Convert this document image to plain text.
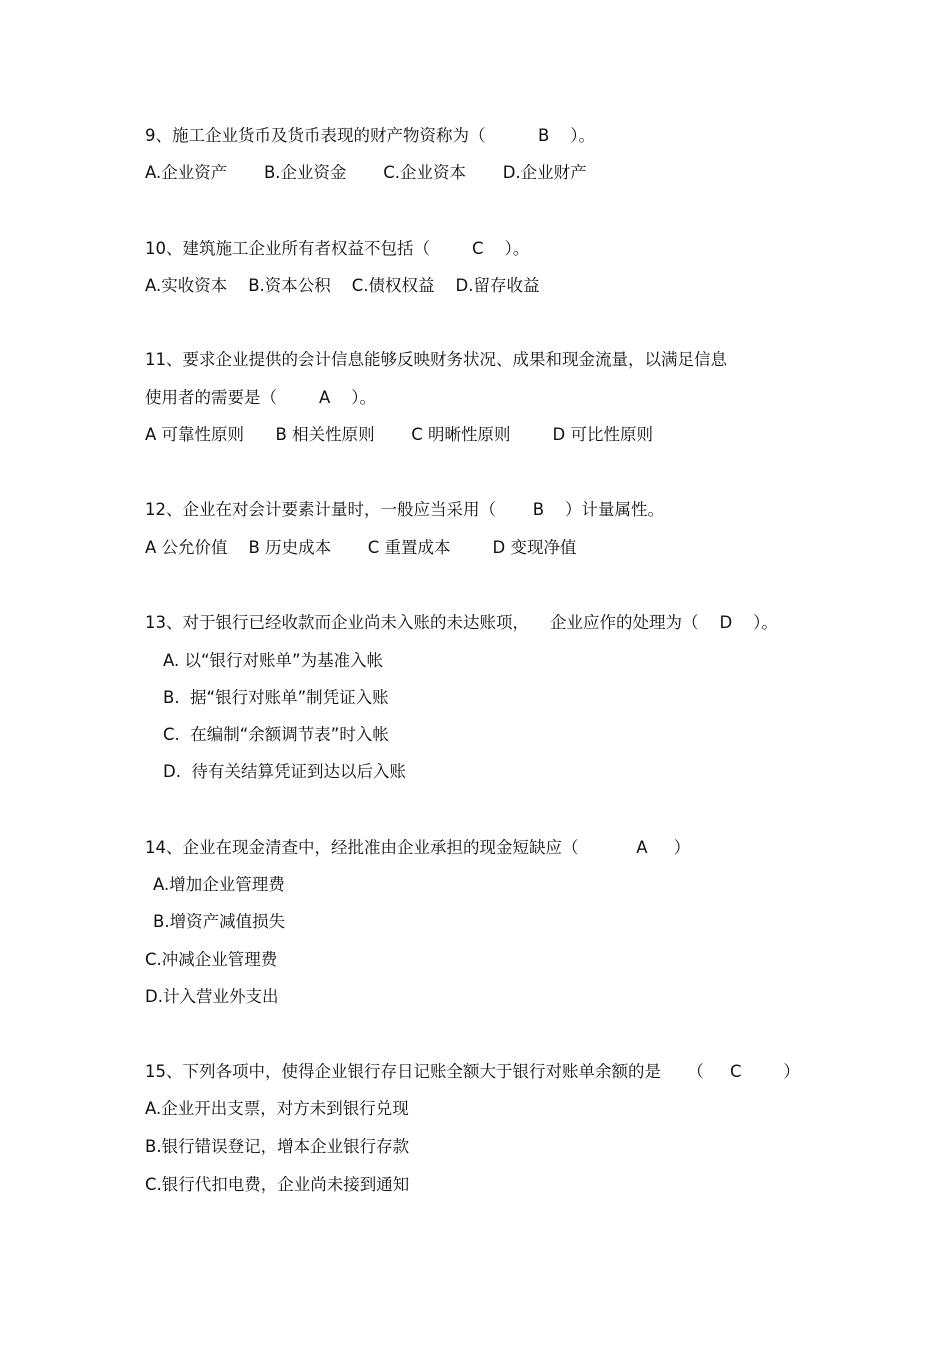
9、施工企业货币及货币表现的财产物资称为（          B    ）。
A.企业资产       B.企业资金       C.企业资本       D.企业财产
10、建筑施工企业所有者权益不包括（        C    ）。
A.实收资本    B.资本公积    C.债权权益    D.留存收益
11、要求企业提供的会计信息能够反映财务状况、成果和现金流量，以满足信息
使用者的需要是（        A    ）。
A 可靠性原则      B 相关性原则       C 明晰性原则        D 可比性原则
12、企业在对会计要素计量时，一般应当采用（       B    ）计量属性。
A 公允价值    B 历史成本       C 重置成本        D 变现净值
13、对于银行已经收款而企业尚未入账的未达账项，    企业应作的处理为（    D    ）。
A. 以“银行对账单”为基准入帐
B.  据“银行对账单”制凭证入账
C.  在编制“余额调节表”时入帐
D.  待有关结算凭证到达以后入账
14、企业在现金清查中，经批准由企业承担的现金短缺应（           A     ）
A.增加企业管理费
B.增资产减值损失
C.冲减企业管理费
D.计入营业外支出
15、下列各项中，使得企业银行存日记账全额大于银行对账单余额的是     （     C        ）
A.企业开出支票，对方未到银行兑现
B.银行错误登记，增本企业银行存款
C.银行代扣电费，企业尚未接到通知
